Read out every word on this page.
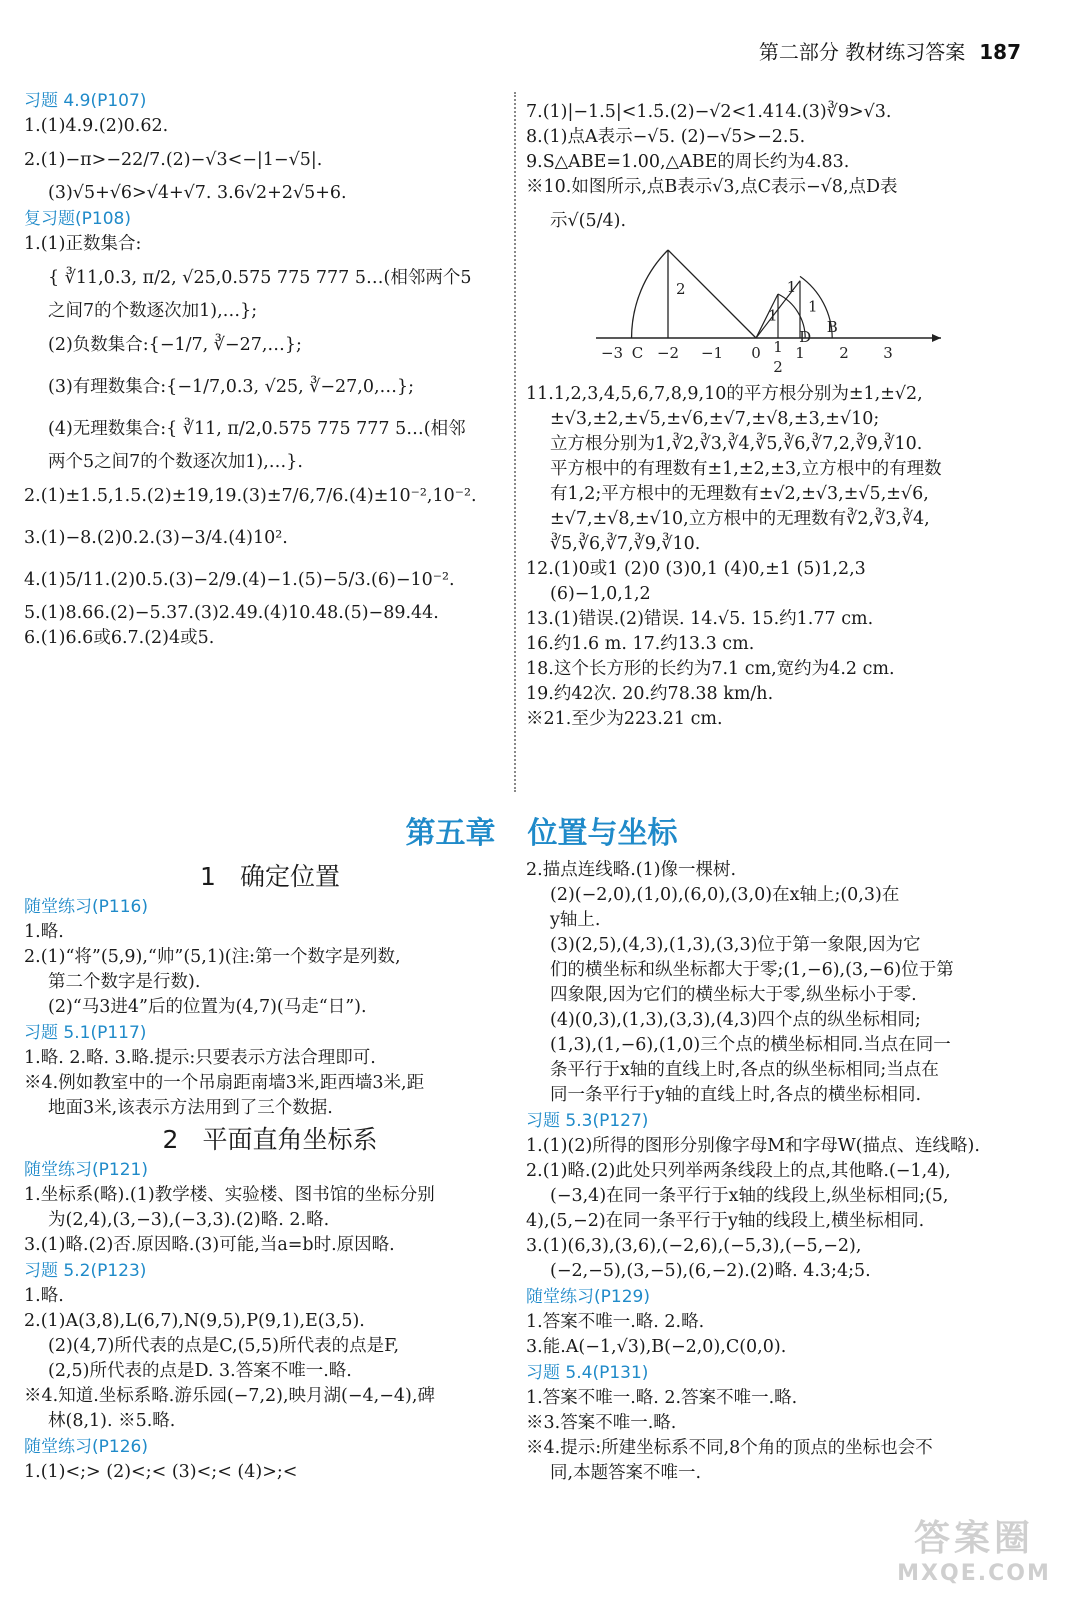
第二部分 教材练习答案 187
习题 4.9(P107)
1.(1)4.9.(2)0.62.
2.(1)−π>−22/7.(2)−√3<−|1−√5|.
(3)√5+√6>√4+√7. 3.6√2+2√5+6.
复习题(P108)
1.(1)正数集合:
{ ∛11,0.3, π/2, √25,0.575 775 777 5…(相邻两个5
之间7的个数逐次加1),…};
(2)负数集合:{−1/7, ∛−27,…};
(3)有理数集合:{−1/7,0.3, √25, ∛−27,0,…};
(4)无理数集合:{ ∛11, π/2,0.575 775 777 5…(相邻
两个5之间7的个数逐次加1),…}.
2.(1)±1.5,1.5.(2)±19,19.(3)±7/6,7/6.(4)±10⁻²,10⁻².
3.(1)−8.(2)0.2.(3)−3/4.(4)10².
4.(1)5/11.(2)0.5.(3)−2/9.(4)−1.(5)−5/3.(6)−10⁻².
5.(1)8.66.(2)−5.37.(3)2.49.(4)10.48.(5)−89.44.
6.(1)6.6或6.7.(2)4或5.
7.(1)|−1.5|<1.5̇.(2)−√2<1.414.(3)∛9>√3.
8.(1)点A表示−√5. (2)−√5>−2.5.
9.S△ABE=1.00,△ABE的周长约为4.83.
※10.如图所示,点B表示√3,点C表示−√8,点D表
示√(5/4).
−3 C −2 −1 0 1
2
1
D
B
2 3
2
1 1
1
11.1,2,3,4,5,6,7,8,9,10的平方根分别为±1,±√2,
±√3,±2,±√5,±√6,±√7,±√8,±3,±√10;
立方根分别为1,∛2,∛3,∛4,∛5,∛6,∛7,2,∛9,∛10.
平方根中的有理数有±1,±2,±3,立方根中的有理数
有1,2;平方根中的无理数有±√2,±√3,±√5,±√6,
±√7,±√8,±√10,立方根中的无理数有∛2,∛3,∛4,
∛5,∛6,∛7,∛9,∛10.
12.(1)0或1 (2)0 (3)0,1 (4)0,±1 (5)1,2,3
(6)−1,0,1,2
13.(1)错误.(2)错误. 14.√5. 15.约1.77 cm.
16.约1.6 m. 17.约13.3 cm.
18.这个长方形的长约为7.1 cm,宽约为4.2 cm.
19.约42次. 20.约78.38 km/h.
※21.至少为223.21 cm.
第五章 位置与坐标
1 确定位置
随堂练习(P116)
1.略.
2.(1)“将”(5,9),“帅”(5,1)(注:第一个数字是列数,
第二个数字是行数).
(2)“马3进4”后的位置为(4,7)(马走“日”).
习题 5.1(P117)
1.略. 2.略. 3.略.提示:只要表示方法合理即可.
※4.例如教室中的一个吊扇距南墙3米,距西墙3米,距
地面3米,该表示方法用到了三个数据.
2 平面直角坐标系
随堂练习(P121)
1.坐标系(略).(1)教学楼、实验楼、图书馆的坐标分别
为(2,4),(3,−3),(−3,3).(2)略. 2.略.
3.(1)略.(2)否.原因略.(3)可能,当a=b时.原因略.
习题 5.2(P123)
1.略.
2.(1)A(3,8),L(6,7),N(9,5),P(9,1),E(3,5).
(2)(4,7)所代表的点是C,(5,5)所代表的点是F,
(2,5)所代表的点是D. 3.答案不唯一.略.
※4.知道.坐标系略.游乐园(−7,2),映月湖(−4,−4),碑
林(8,1). ※5.略.
随堂练习(P126)
1.(1)<;> (2)<;< (3)<;< (4)>;<
2.描点连线略.(1)像一棵树.
(2)(−2,0),(1,0),(6,0),(3,0)在x轴上;(0,3)在
y轴上.
(3)(2,5),(4,3),(1,3),(3,3)位于第一象限,因为它
们的横坐标和纵坐标都大于零;(1,−6),(3,−6)位于第
四象限,因为它们的横坐标大于零,纵坐标小于零.
(4)(0,3),(1,3),(3,3),(4,3)四个点的纵坐标相同;
(1,3),(1,−6),(1,0)三个点的横坐标相同.当点在同一
条平行于x轴的直线上时,各点的纵坐标相同;当点在
同一条平行于y轴的直线上时,各点的横坐标相同.
习题 5.3(P127)
1.(1)(2)所得的图形分别像字母M和字母W(描点、连线略).
2.(1)略.(2)此处只列举两条线段上的点,其他略.(−1,4),
(−3,4)在同一条平行于x轴的线段上,纵坐标相同;(5,
4),(5,−2)在同一条平行于y轴的线段上,横坐标相同.
3.(1)(6,3),(3,6),(−2,6),(−5,3),(−5,−2),
(−2,−5),(3,−5),(6,−2).(2)略. 4.3;4;5.
随堂练习(P129)
1.答案不唯一.略. 2.略.
3.能.A(−1,√3),B(−2,0),C(0,0).
习题 5.4(P131)
1.答案不唯一.略. 2.答案不唯一.略.
※3.答案不唯一.略.
※4.提示:所建坐标系不同,8个角的顶点的坐标也会不
同,本题答案不唯一.
答案圈
MXQE.COM
